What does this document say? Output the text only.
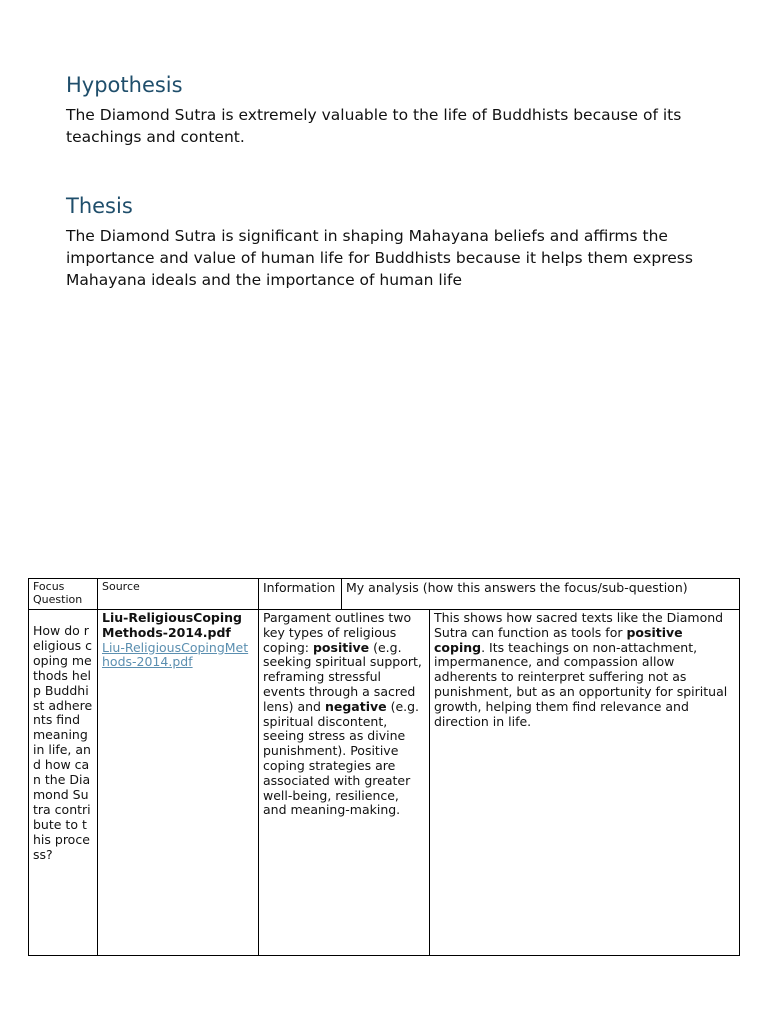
Hypothesis

The Diamond Sutra is extremely valuable to the life of Buddhists because of its teachings and content.

Thesis

The Diamond Sutra is significant in shaping Mahayana beliefs and affirms the importance and value of human life for Buddhists because it helps them express Mahayana ideals and the importance of human life

Focus Question
Source	Information My analysis (how this answers the focus/sub-question)
How do religious coping methods help Buddhist adherents find meaning in life, and how can the Diamond Sutra contribute to this process?
Liu-ReligiousCopingMethods-2014.pdf
Liu-ReligiousCopingMethods-2014.pdf
Pargament outlines two key types of religious coping: positive (e.g. seeking spiritual support, reframing stressful events through a sacred lens) and negative (e.g. spiritual discontent, seeing stress as divine punishment). Positive coping strategies are associated with greater well-being, resilience, and meaning-making.
This shows how sacred texts like the Diamond Sutra can function as tools for positive coping. Its teachings on non-attachment, impermanence, and compassion allow adherents to reinterpret suffering not as punishment, but as an opportunity for spiritual growth, helping them find relevance and direction in life.
